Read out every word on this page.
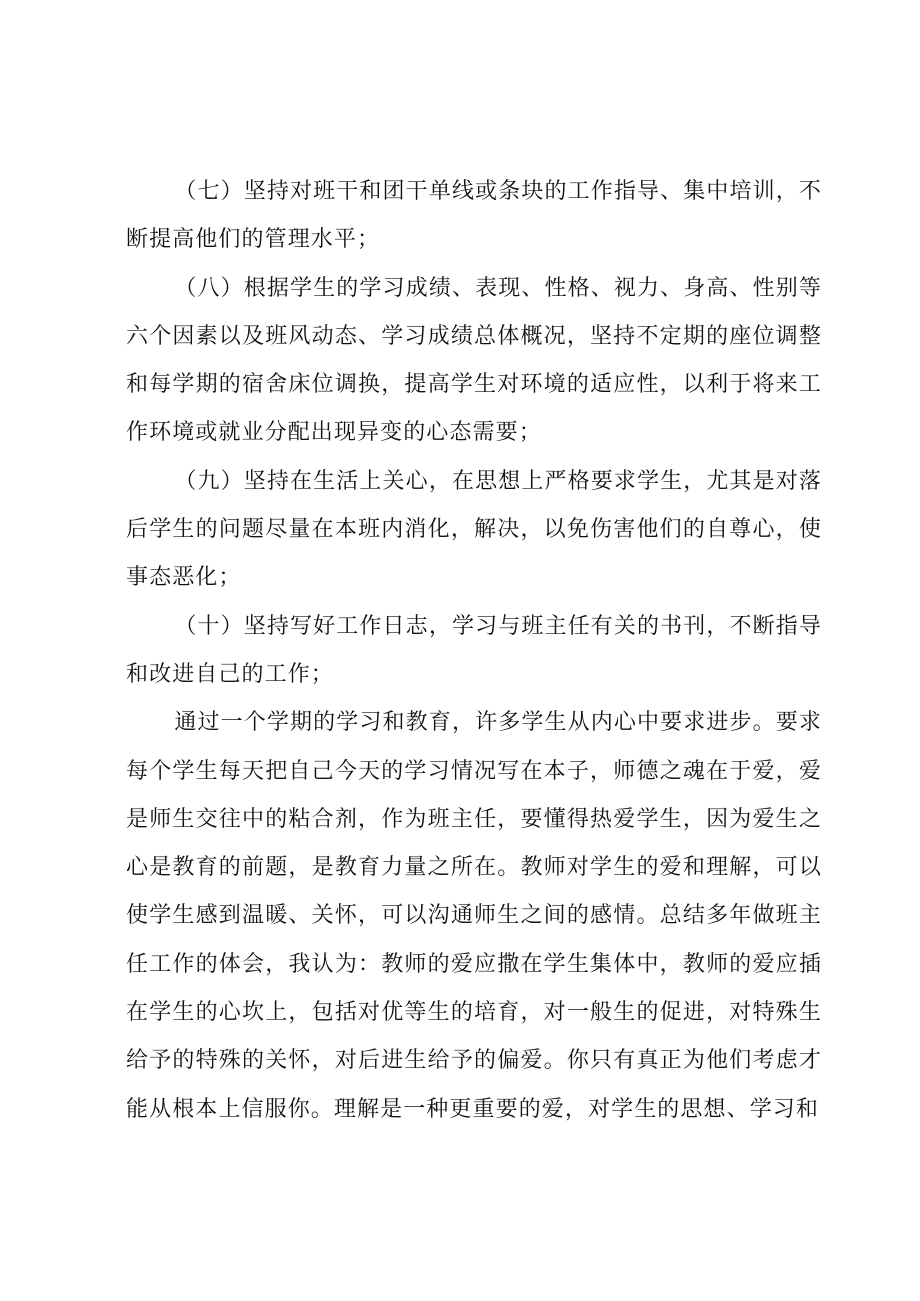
（七）坚持对班干和团干单线或条块的工作指导、集中培训，不断提高他们的管理水平；

（八）根据学生的学习成绩、表现、性格、视力、身高、性别等六个因素以及班风动态、学习成绩总体概况，坚持不定期的座位调整和每学期的宿舍床位调换，提高学生对环境的适应性，以利于将来工作环境或就业分配出现异变的心态需要；

（九）坚持在生活上关心，在思想上严格要求学生，尤其是对落后学生的问题尽量在本班内消化，解决，以免伤害他们的自尊心，使事态恶化；

（十）坚持写好工作日志，学习与班主任有关的书刊，不断指导和改进自己的工作；

通过一个学期的学习和教育，许多学生从内心中要求进步。要求每个学生每天把自己今天的学习情况写在本子，师德之魂在于爱，爱是师生交往中的粘合剂，作为班主任，要懂得热爱学生，因为爱生之心是教育的前题，是教育力量之所在。教师对学生的爱和理解，可以使学生感到温暖、关怀，可以沟通师生之间的感情。总结多年做班主任工作的体会，我认为：教师的爱应撒在学生集体中，教师的爱应插在学生的心坎上，包括对优等生的培育，对一般生的促进，对特殊生给予的特殊的关怀，对后进生给予的偏爱。你只有真正为他们考虑才能从根本上信服你。理解是一种更重要的爱，对学生的思想、学习和
